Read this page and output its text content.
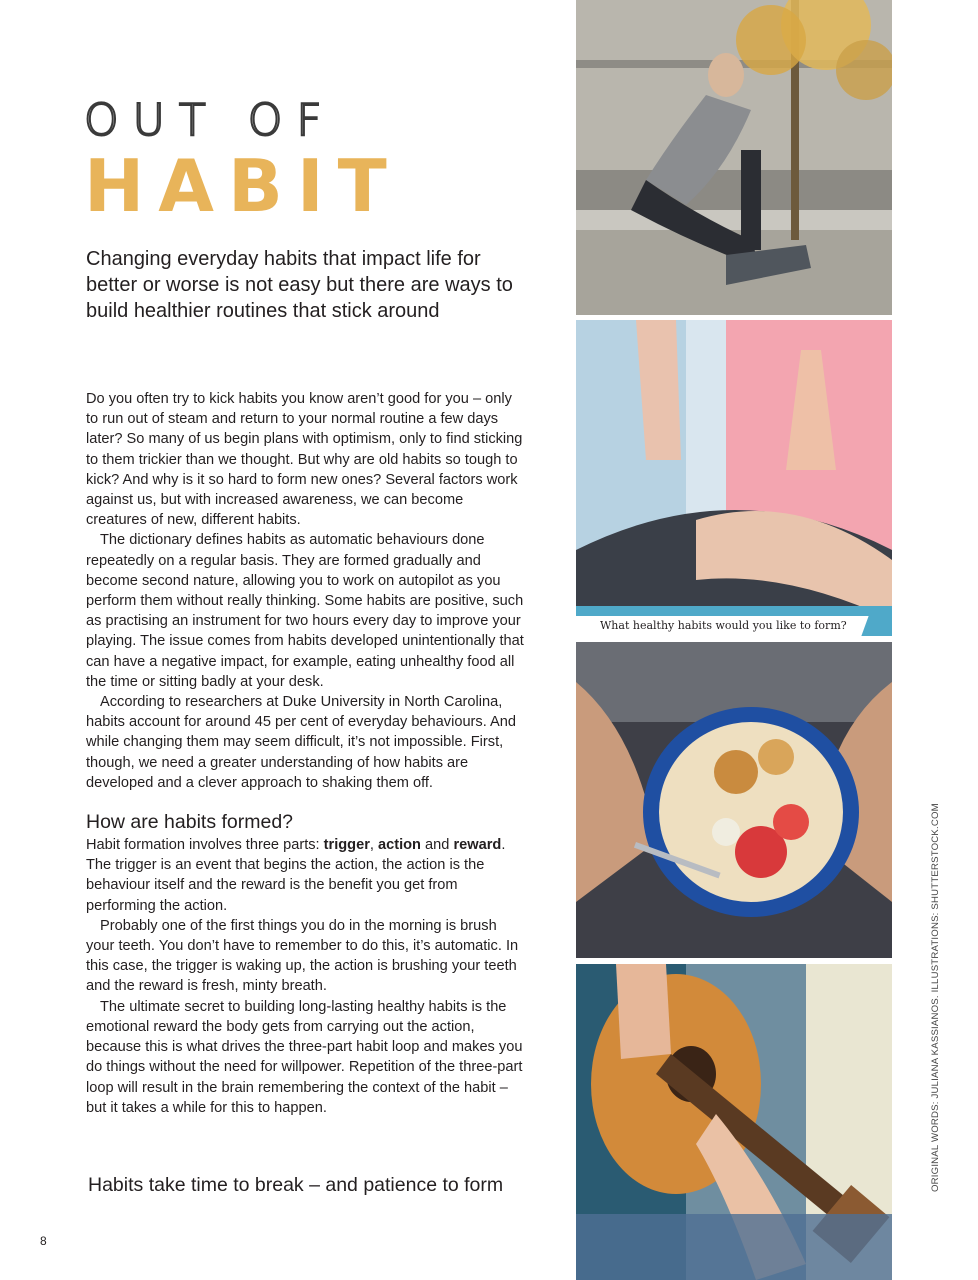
OUT OF
HABIT

Changing everyday habits that impact life for better or worse is not easy but there are ways to build healthier routines that stick around

Do you often try to kick habits you know aren’t good for you – only to run out of steam and return to your normal routine a few days later? So many of us begin plans with optimism, only to find sticking to them trickier than we thought. But why are old habits so tough to kick? And why is it so hard to form new ones? Several factors work against us, but with increased awareness, we can become creatures of new, different habits.

The dictionary defines habits as automatic behaviours done repeatedly on a regular basis. They are formed gradually and become second nature, allowing you to work on autopilot as you perform them without really thinking. Some habits are positive, such as practising an instrument for two hours every day to improve your playing. The issue comes from habits developed unintentionally that can have a negative impact, for example, eating unhealthy food all the time or sitting badly at your desk.

According to researchers at Duke University in North Carolina, habits account for around 45 per cent of everyday behaviours. And while changing them may seem difficult, it’s not impossible. First, though, we need a greater understanding of how habits are developed and a clever approach to shaking them off.

How are habits formed?

Habit formation involves three parts: trigger, action and reward. The trigger is an event that begins the action, the action is the behaviour itself and the reward is the benefit you get from performing the action.

Probably one of the first things you do in the morning is brush your teeth. You don’t have to remember to do this, it’s automatic. In this case, the trigger is waking up, the action is brushing your teeth and the reward is fresh, minty breath.

The ultimate secret to building long-lasting healthy habits is the emotional reward the body gets from carrying out the action, because this is what drives the three-part habit loop and makes you do things without the need for willpower. Repetition of the three-part loop will result in the brain remembering the context of the habit – but it takes a while for this to happen.

Habits take time to break – and patience to form

8
ORIGINAL WORDS: JULIANA KASSIANOS. ILLUSTRATIONS: SHUTTERSTOCK.COM
What healthy habits would you like to form?
